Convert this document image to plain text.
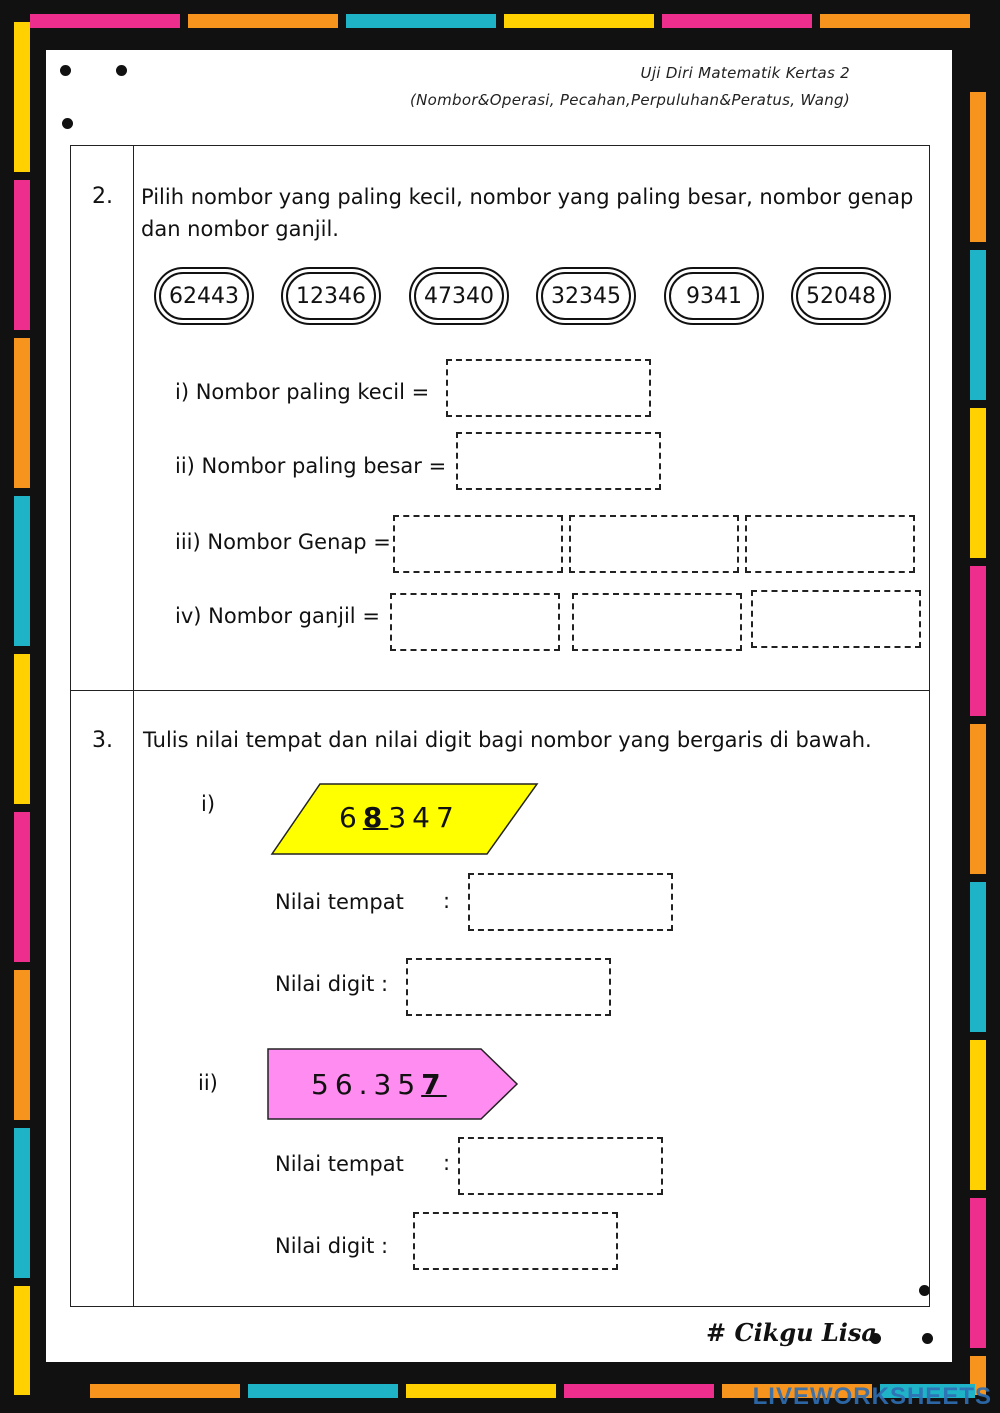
Uji Diri Matematik Kertas 2
(Nombor&Operasi, Pecahan,Perpuluhan&Peratus, Wang)
2. Pilih nombor yang paling kecil, nombor yang paling besar, nombor genap dan nombor ganjil.
62443	12346	47340	32345	9341	52048
i) Nombor paling kecil =
ii) Nombor paling besar =
iii) Nombor Genap =
iv) Nombor ganjil =
3. Tulis nilai tempat dan nilai digit bagi nombor yang bergaris di bawah.
i)	68347
Nilai tempat :
Nilai digit :
ii)	56.357
Nilai tempat :
Nilai digit :
# Cikgu Lisa
LIVEWORKSHEETS
